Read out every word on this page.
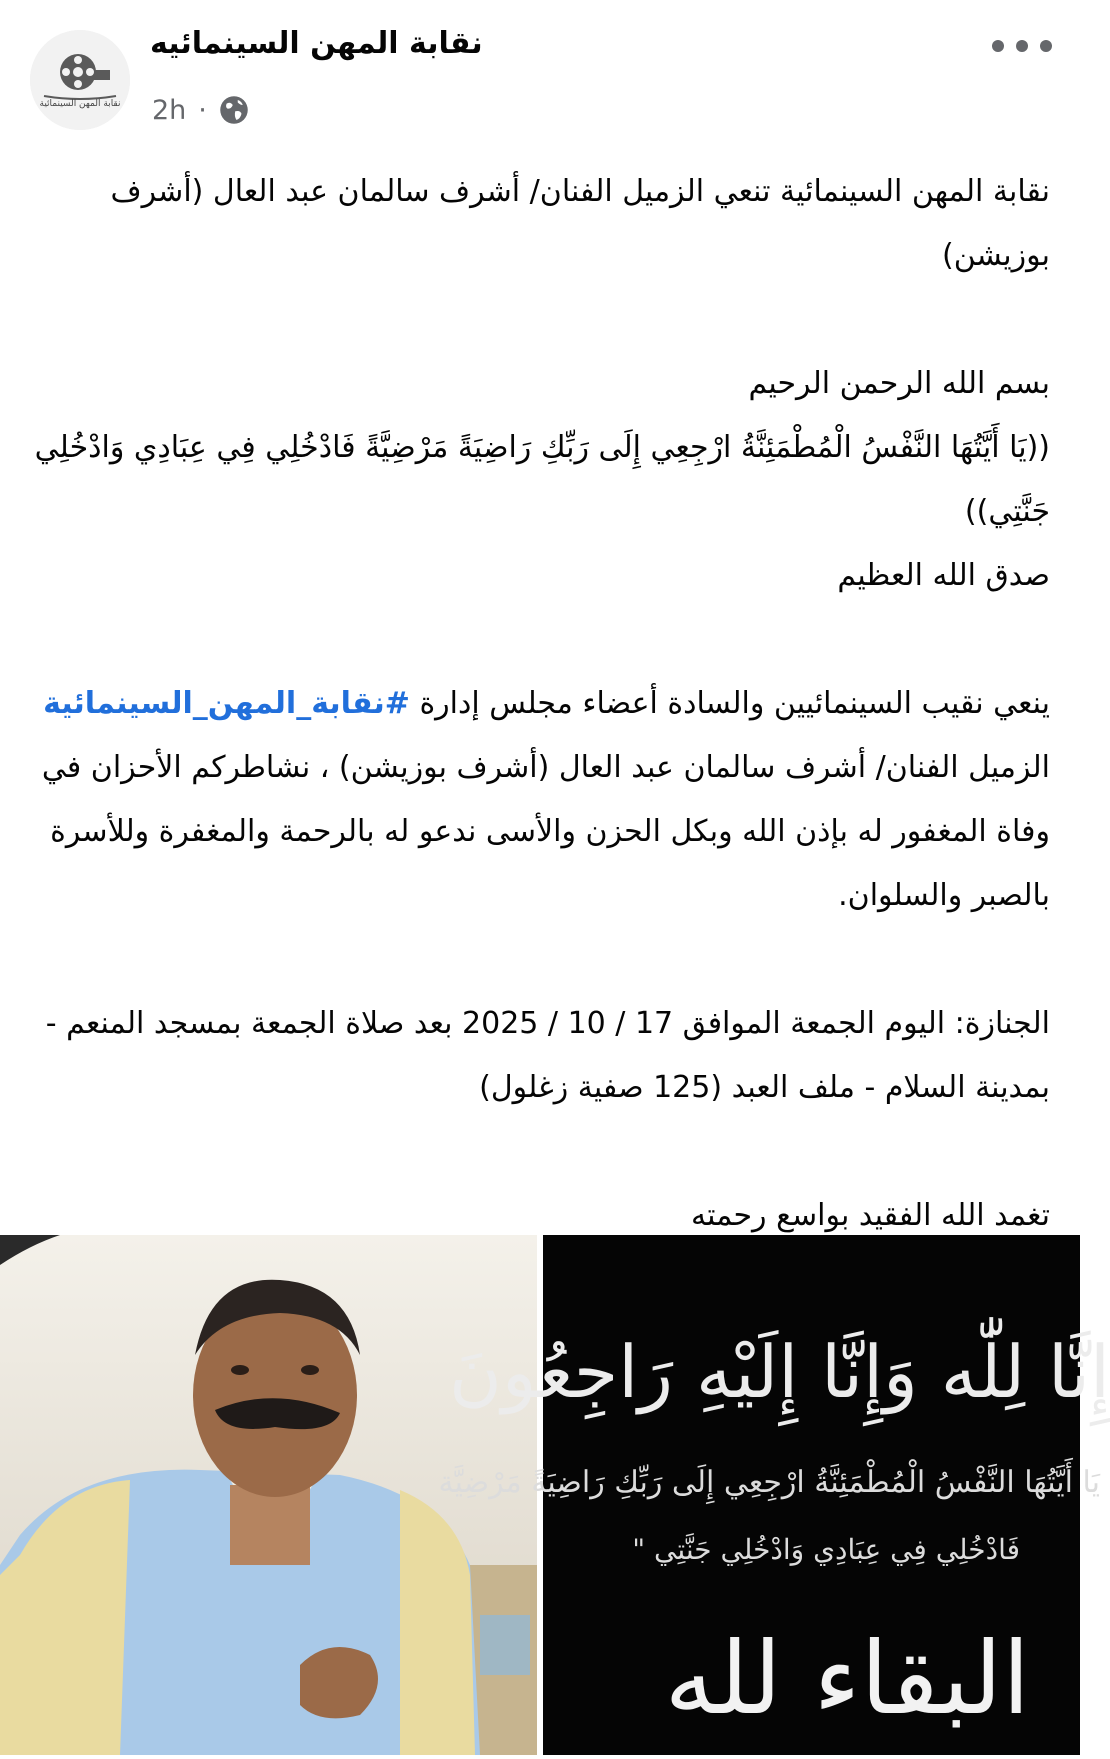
نقابة المهن السينمائية
نقابة المهن السينمائيه
2h ·

نقابة المهن السينمائية تنعي الزميل الفنان/ أشرف سالمان عبد العال (أشرف بوزيشن)

بسم الله الرحمن الرحيم

((يَا أَيَّتُهَا النَّفْسُ الْمُطْمَئِنَّةُ ارْجِعِي إِلَى رَبِّكِ رَاضِيَةً مَرْضِيَّةً فَادْخُلِي فِي عِبَادِي وَادْخُلِي جَنَّتِي))

صدق الله العظيم

ينعي نقيب السينمائيين والسادة أعضاء مجلس إدارة #نقابة_المهن_السينمائية الزميل الفنان/ أشرف سالمان عبد العال (أشرف بوزيشن) ، نشاطركم الأحزان في وفاة المغفور له بإذن الله وبكل الحزن والأسى ندعو له بالرحمة والمغفرة وللأسرة بالصبر والسلوان.

الجنازة: اليوم الجمعة الموافق 17 / 10 / 2025 بعد صلاة الجمعة بمسجد المنعم - بمدينة السلام - ملف العبد (125 صفية زغلول)

تغمد الله الفقيد بواسع رحمته

إِنَّا لِلّٰه وَإِنَّا إِلَيْهِ رَاجِعُونَ
يَا أَيَّتُهَا النَّفْسُ الْمُطْمَئِنَّةُ ارْجِعِي إِلَى رَبِّكِ رَاضِيَةً مَرْضِيَّة
فَادْخُلِي فِي عِبَادِي وَادْخُلِي جَنَّتِي "
البقاء لله
